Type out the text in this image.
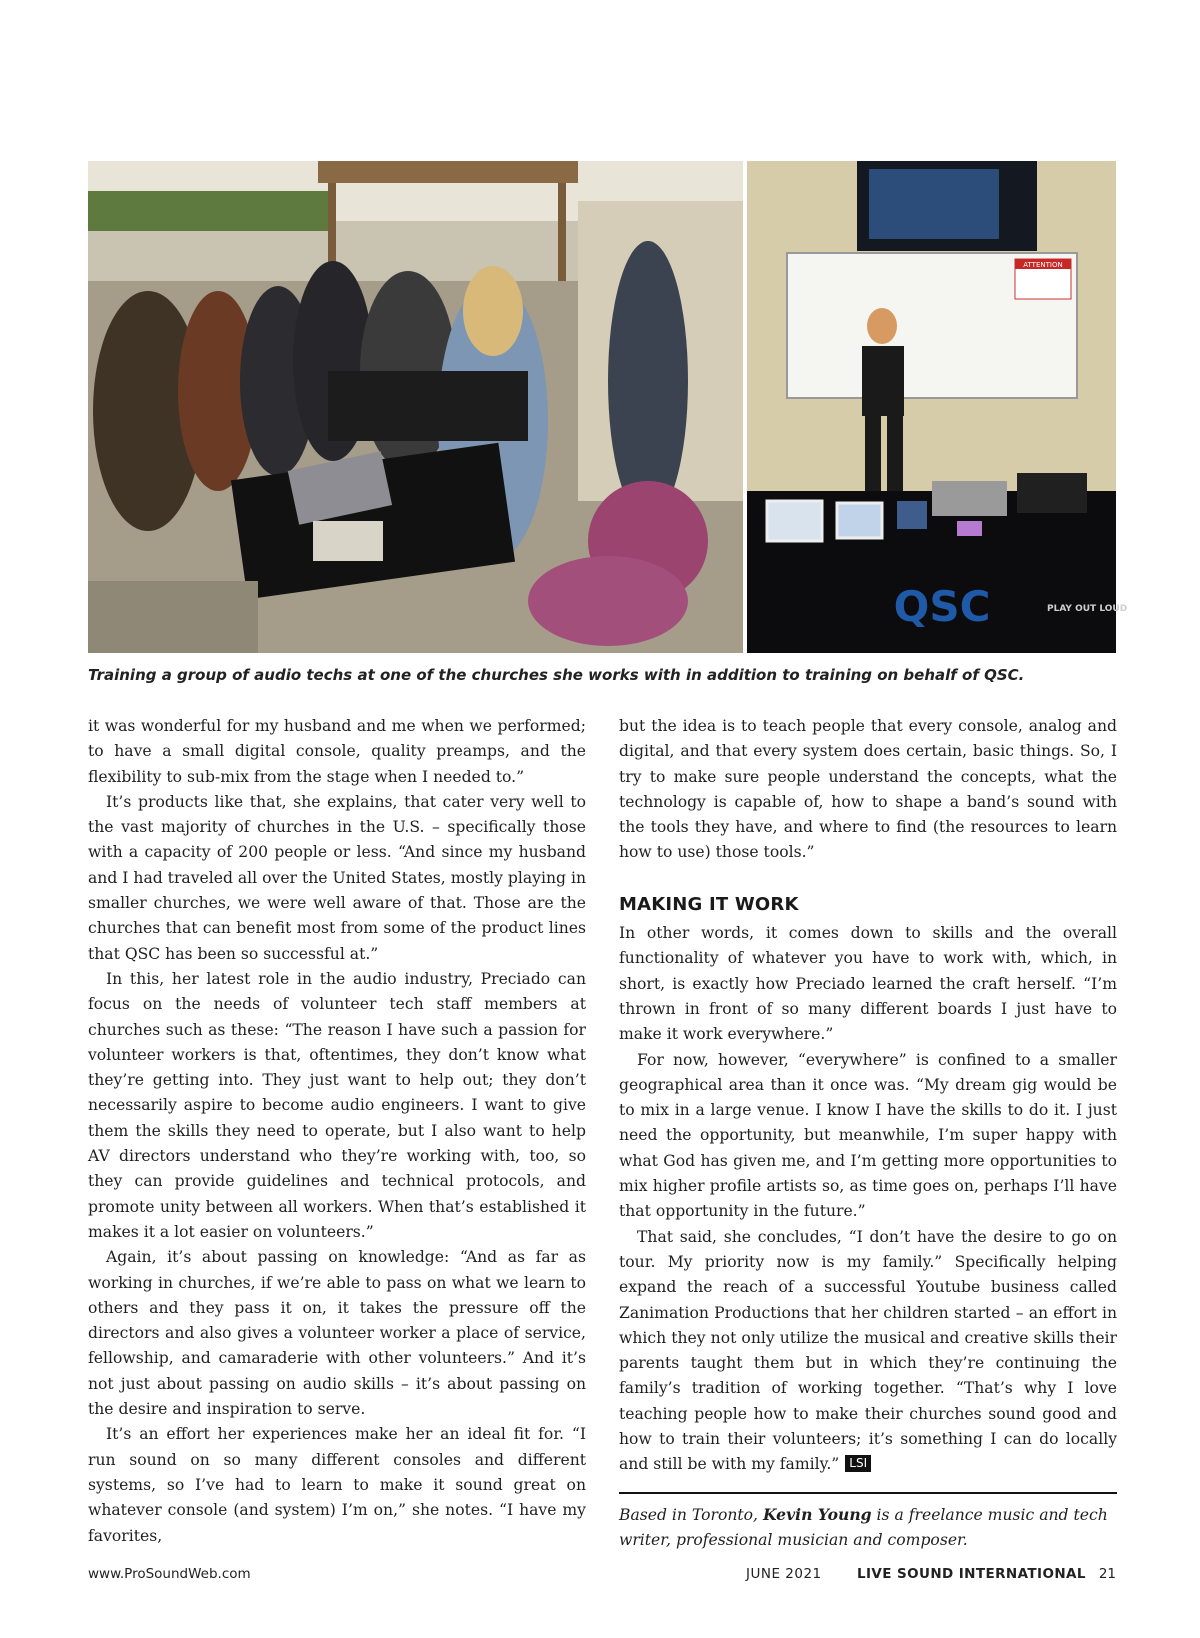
ATTENTION
QSC	PLAY OUT LOUD
Training a group of audio techs at one of the churches she works with in addition to training on behalf of QSC.

it was wonderful for my husband and me when we performed; to have a small digital console, quality preamps, and the flexibility to sub-mix from the stage when I needed to.”

It’s products like that, she explains, that cater very well to the vast majority of churches in the U.S. – specifically those with a capacity of 200 people or less. “And since my husband and I had traveled all over the United States, mostly playing in smaller churches, we were well aware of that. Those are the churches that can benefit most from some of the product lines that QSC has been so successful at.”

In this, her latest role in the audio industry, Preciado can focus on the needs of volunteer tech staff members at churches such as these: “The reason I have such a passion for volunteer workers is that, oftentimes, they don’t know what they’re getting into. They just want to help out; they don’t necessarily aspire to become audio engineers. I want to give them the skills they need to operate, but I also want to help AV directors understand who they’re working with, too, so they can provide guidelines and technical protocols, and promote unity between all workers. When that’s established it makes it a lot easier on volunteers.”

Again, it’s about passing on knowledge: “And as far as working in churches, if we’re able to pass on what we learn to others and they pass it on, it takes the pressure off the directors and also gives a volunteer worker a place of service, fellowship, and camaraderie with other volunteers.” And it’s not just about passing on audio skills – it’s about passing on the desire and inspiration to serve.

It’s an effort her experiences make her an ideal fit for. “I run sound on so many different consoles and different systems, so I’ve had to learn to make it sound great on whatever console (and system) I’m on,” she notes. “I have my favorites,

but the idea is to teach people that every console, analog and digital, and that every system does certain, basic things. So, I try to make sure people understand the concepts, what the technology is capable of, how to shape a band’s sound with the tools they have, and where to find (the resources to learn how to use) those tools.”

MAKING IT WORK

In other words, it comes down to skills and the overall functionality of whatever you have to work with, which, in short, is exactly how Preciado learned the craft herself. “I’m thrown in front of so many different boards I just have to make it work everywhere.”

For now, however, “everywhere” is confined to a smaller geographical area than it once was. “My dream gig would be to mix in a large venue. I know I have the skills to do it. I just need the opportunity, but meanwhile, I’m super happy with what God has given me, and I’m getting more opportunities to mix higher profile artists so, as time goes on, perhaps I’ll have that opportunity in the future.”

That said, she concludes, “I don’t have the desire to go on tour. My priority now is my family.” Specifically helping expand the reach of a successful Youtube business called Zanimation Productions that her children started – an effort in which they not only utilize the musical and creative skills their parents taught them but in which they’re continuing the family’s tradition of working together. “That’s why I love teaching people how to make their churches sound good and how to train their volunteers; it’s something I can do locally and still be with my family.” LSI

Based in Toronto, Kevin Young is a freelance music and tech writer, professional musician and composer.

www.ProSoundWeb.com	JUNE 2021	LIVE SOUND INTERNATIONAL 21
